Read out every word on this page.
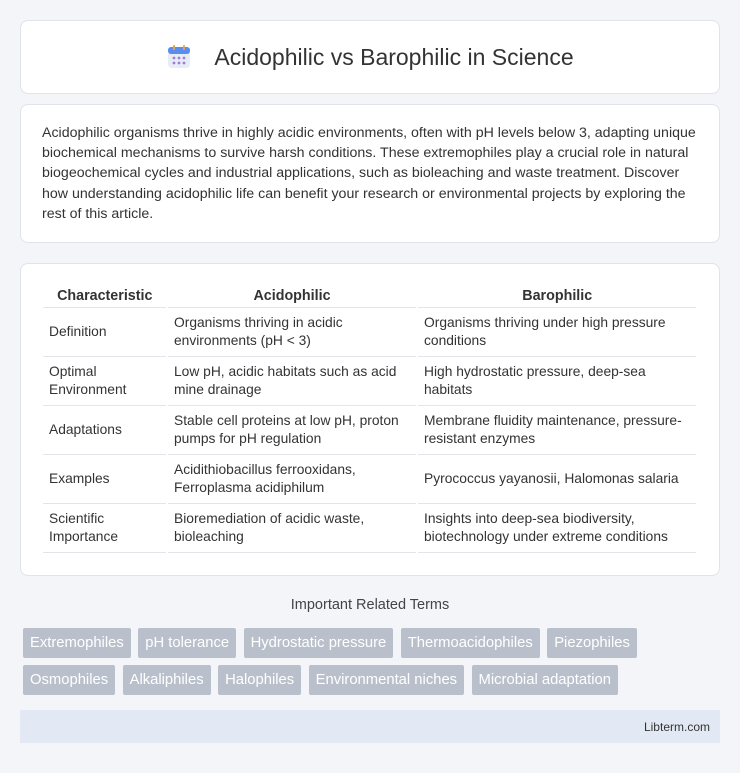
Acidophilic vs Barophilic in Science

Acidophilic organisms thrive in highly acidic environments, often with pH levels below 3, adapting unique biochemical mechanisms to survive harsh conditions. These extremophiles play a crucial role in natural biogeochemical cycles and industrial applications, such as bioleaching and waste treatment. Discover how understanding acidophilic life can benefit your research or environmental projects by exploring the rest of this article.

Characteristic	Acidophilic	Barophilic
Definition	Organisms thriving in acidic environments (pH < 3)	Organisms thriving under high pressure conditions
Optimal Environment	Low pH, acidic habitats such as acid mine drainage	High hydrostatic pressure, deep-sea habitats
Adaptations	Stable cell proteins at low pH, proton pumps for pH regulation	Membrane fluidity maintenance, pressure-resistant enzymes
Examples	Acidithiobacillus ferrooxidans, Ferroplasma acidiphilum	Pyrococcus yayanosii, Halomonas salaria
Scientific Importance	Bioremediation of acidic waste, bioleaching	Insights into deep-sea biodiversity, biotechnology under extreme conditions
Important Related Terms
Extremophiles pH tolerance Hydrostatic pressure Thermoacidophiles Piezophiles Osmophiles Alkaliphiles Halophiles Environmental niches Microbial adaptation
Libterm.com
